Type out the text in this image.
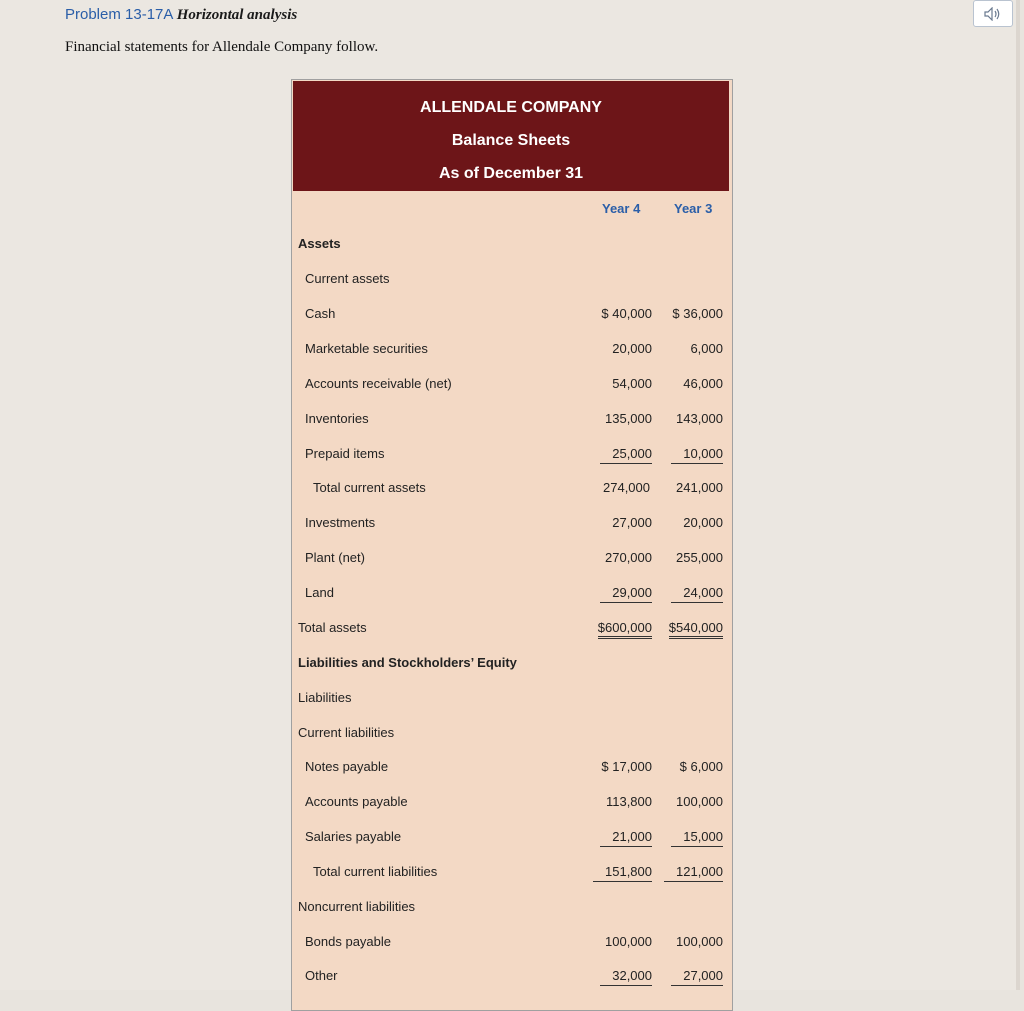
Problem 13-17A Horizontal analysis
Financial statements for Allendale Company follow.
ALLENDALE COMPANY
Balance Sheets
As of December 31
Year 4	Year 3
Assets
Current assets
Cash	$ 40,000 $ 36,000
Marketable securities	20,000	6,000
Accounts receivable (net)	54,000 46,000
Inventories	135,000 143,000
Prepaid items	25,000	10,000
Total current assets	274,000 241,000
Investments	27,000 20,000
Plant (net)	270,000 255,000
Land	29,000	24,000
Total assets	$600,000 $540,000
Liabilities and Stockholders’ Equity
Liabilities
Current liabilities
Notes payable	$ 17,000 $ 6,000
Accounts payable	113,800 100,000
Salaries payable	21,000	15,000
Total current liabilities	151,800	121,000
Noncurrent liabilities
Bonds payable	100,000 100,000
Other	32,000	27,000
